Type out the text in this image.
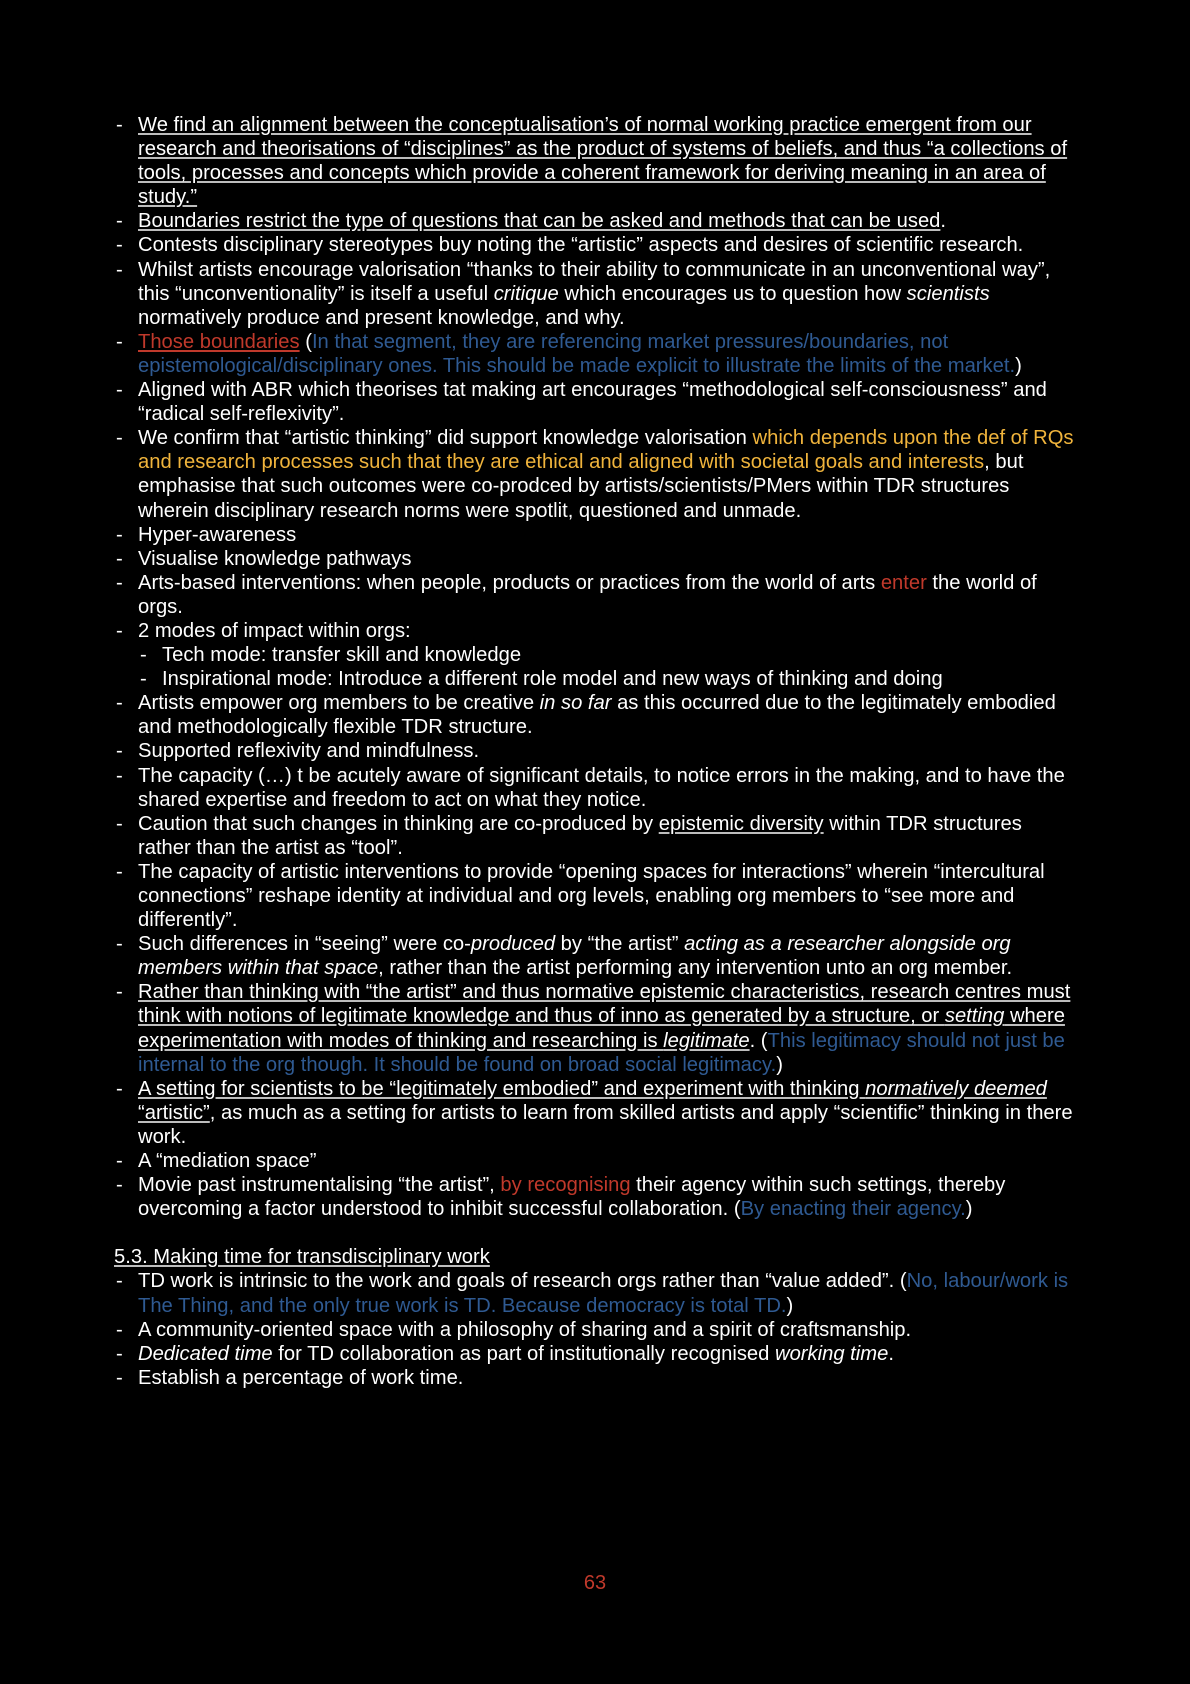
- We find an alignment between the conceptualisation’s of normal working practice emergent from our research and theorisations of “disciplines” as the product of systems of beliefs, and thus “a collections of tools, processes and concepts which provide a coherent framework for deriving meaning in an area of study.”
- Boundaries restrict the type of questions that can be asked and methods that can be used.
- Contests disciplinary stereotypes buy noting the “artistic” aspects and desires of scientific research.
- Whilst artists encourage valorisation “thanks to their ability to communicate in an unconventional way”, this “unconventionality” is itself a useful critique which encourages us to question how scientists normatively produce and present knowledge, and why.
- Those boundaries (In that segment, they are referencing market pressures/boundaries, not epistemological/disciplinary ones. This should be made explicit to illustrate the limits of the market.)
- Aligned with ABR which theorises tat making art encourages “methodological self-consciousness” and “radical self-reflexivity”.
- We confirm that “artistic thinking” did support knowledge valorisation which depends upon the def of RQs and research processes such that they are ethical and aligned with societal goals and interests, but emphasise that such outcomes were co-prodced by artists/scientists/PMers within TDR structures wherein disciplinary research norms were spotlit, questioned and unmade.
- Hyper-awareness
- Visualise knowledge pathways
- Arts-based interventions: when people, products or practices from the world of arts enter the world of orgs.
- 2 modes of impact within orgs:
- Tech mode: transfer skill and knowledge
- Inspirational mode: Introduce a different role model and new ways of thinking and doing
- Artists empower org members to be creative in so far as this occurred due to the legitimately embodied and methodologically flexible TDR structure.
- Supported reflexivity and mindfulness.
- The capacity (…) t be acutely aware of significant details, to notice errors in the making, and to have the shared expertise and freedom to act on what they notice.
- Caution that such changes in thinking are co-produced by epistemic diversity within TDR structures rather than the artist as “tool”.
- The capacity of artistic interventions to provide “opening spaces for interactions” wherein “intercultural connections” reshape identity at individual and org levels, enabling org members to “see more and differently”.
- Such differences in “seeing” were co-produced by “the artist” acting as a researcher alongside org members within that space, rather than the artist performing any intervention unto an org member.
- Rather than thinking with “the artist” and thus normative epistemic characteristics, research centres must think with notions of legitimate knowledge and thus of inno as generated by a structure, or setting where experimentation with modes of thinking and researching is legitimate. (This legitimacy should not just be internal to the org though. It should be found on broad social legitimacy.)
- A setting for scientists to be “legitimately embodied” and experiment with thinking normatively deemed “artistic”, as much as a setting for artists to learn from skilled artists and apply “scientific” thinking in there work.
- A “mediation space”
- Movie past instrumentalising “the artist”, by recognising their agency within such settings, thereby overcoming a factor understood to inhibit successful collaboration. (By enacting their agency.)
5.3. Making time for transdisciplinary work
- TD work is intrinsic to the work and goals of research orgs rather than “value added”. (No, labour/work is The Thing, and the only true work is TD. Because democracy is total TD.)
- A community-oriented space with a philosophy of sharing and a spirit of craftsmanship.
- Dedicated time for TD collaboration as part of institutionally recognised working time.
- Establish a percentage of work time.
63
